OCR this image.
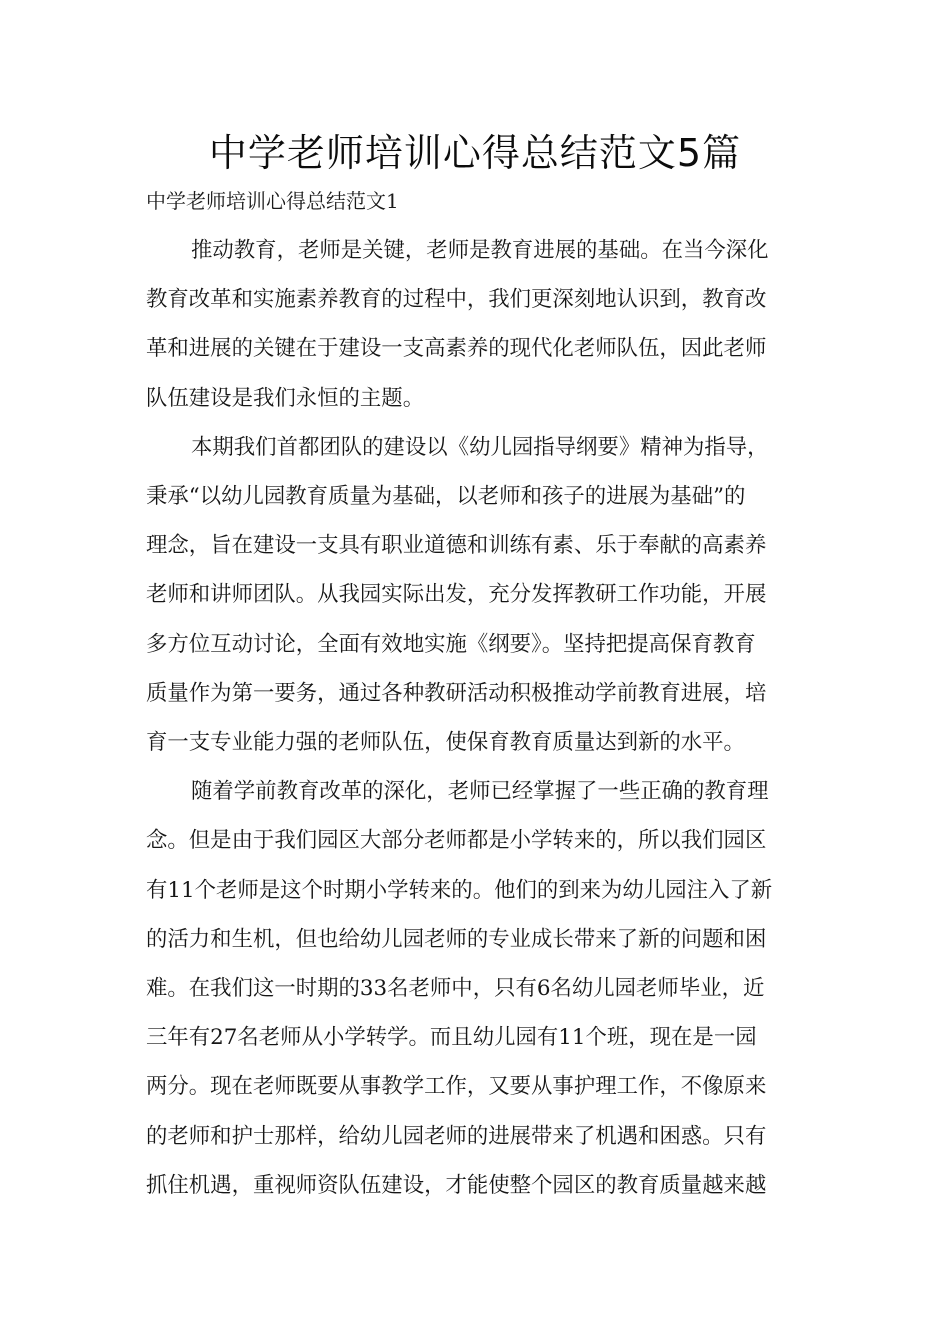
中学老师培训心得总结范文5篇
中学老师培训心得总结范文1

推动教育，老师是关键，老师是教育进展的基础。在当今深化
教育改革和实施素养教育的过程中，我们更深刻地认识到，教育改
革和进展的关键在于建设一支高素养的现代化老师队伍，因此老师
队伍建设是我们永恒的主题。

本期我们首都团队的建设以《幼儿园指导纲要》精神为指导，
秉承“以幼儿园教育质量为基础，以老师和孩子的进展为基础”的
理念，旨在建设一支具有职业道德和训练有素、乐于奉献的高素养
老师和讲师团队。从我园实际出发，充分发挥教研工作功能，开展
多方位互动讨论，全面有效地实施《纲要》。坚持把提高保育教育
质量作为第一要务，通过各种教研活动积极推动学前教育进展，培
育一支专业能力强的老师队伍，使保育教育质量达到新的水平。

随着学前教育改革的深化，老师已经掌握了一些正确的教育理
念。但是由于我们园区大部分老师都是小学转来的，所以我们园区
有11个老师是这个时期小学转来的。他们的到来为幼儿园注入了新
的活力和生机，但也给幼儿园老师的专业成长带来了新的问题和困
难。在我们这一时期的33名老师中，只有6名幼儿园老师毕业，近
三年有27名老师从小学转学。而且幼儿园有11个班，现在是一园
两分。现在老师既要从事教学工作，又要从事护理工作，不像原来
的老师和护士那样，给幼儿园老师的进展带来了机遇和困惑。只有
抓住机遇，重视师资队伍建设，才能使整个园区的教育质量越来越
